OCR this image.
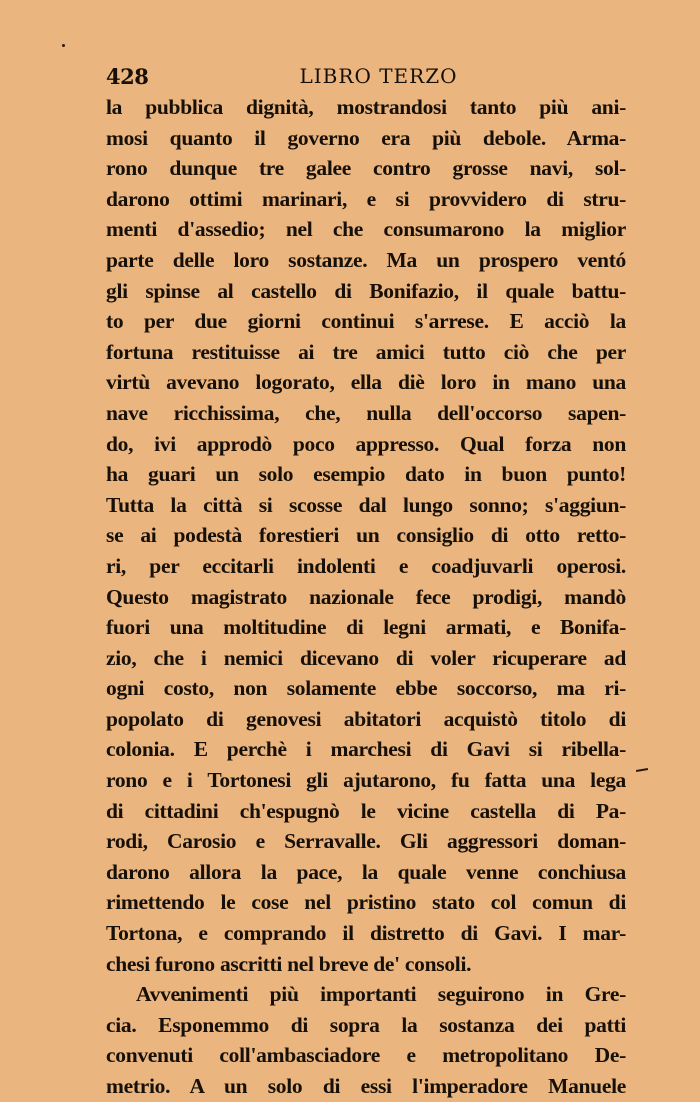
428	LIBRO TERZO
la pubblica dignità, mostrandosi tanto più ani-
mosi quanto il governo era più debole. Arma-
rono dunque tre galee contro grosse navi, sol-
darono ottimi marinari, e si provvidero di stru-
menti d'assedio; nel che consumarono la miglior
parte delle loro sostanze. Ma un prospero ventó
gli spinse al castello di Bonifazio, il quale battu-
to per due giorni continui s'arrese. E acciò la
fortuna restituisse ai tre amici tutto ciò che per
virtù avevano logorato, ella diè loro in mano una
nave ricchissima, che, nulla dell'occorso sapen-
do, ivi approdò poco appresso. Qual forza non
ha guari un solo esempio dato in buon punto!
Tutta la città si scosse dal lungo sonno; s'aggiun-
se ai podestà forestieri un consiglio di otto retto-
ri, per eccitarli indolenti e coadjuvarli operosi.
Questo magistrato nazionale fece prodigi, mandò
fuori una moltitudine di legni armati, e Bonifa-
zio, che i nemici dicevano di voler ricuperare ad
ogni costo, non solamente ebbe soccorso, ma ri-
popolato di genovesi abitatori acquistò titolo di
colonia. E perchè i marchesi di Gavi si ribella-
rono e i Tortonesi gli ajutarono, fu fatta una lega
di cittadini ch'espugnò le vicine castella di Pa-
rodi, Carosio e Serravalle. Gli aggressori doman-
darono allora la pace, la quale venne conchiusa
rimettendo le cose nel pristino stato col comun di
Tortona, e comprando il distretto di Gavi. I mar-
chesi furono ascritti nel breve de' consoli.
Avvenimenti più importanti seguirono in Gre-
cia. Esponemmo di sopra la sostanza dei patti
convenuti coll'ambasciadore e metropolitano De-
metrio. A un solo di essi l'imperadore Manuele
